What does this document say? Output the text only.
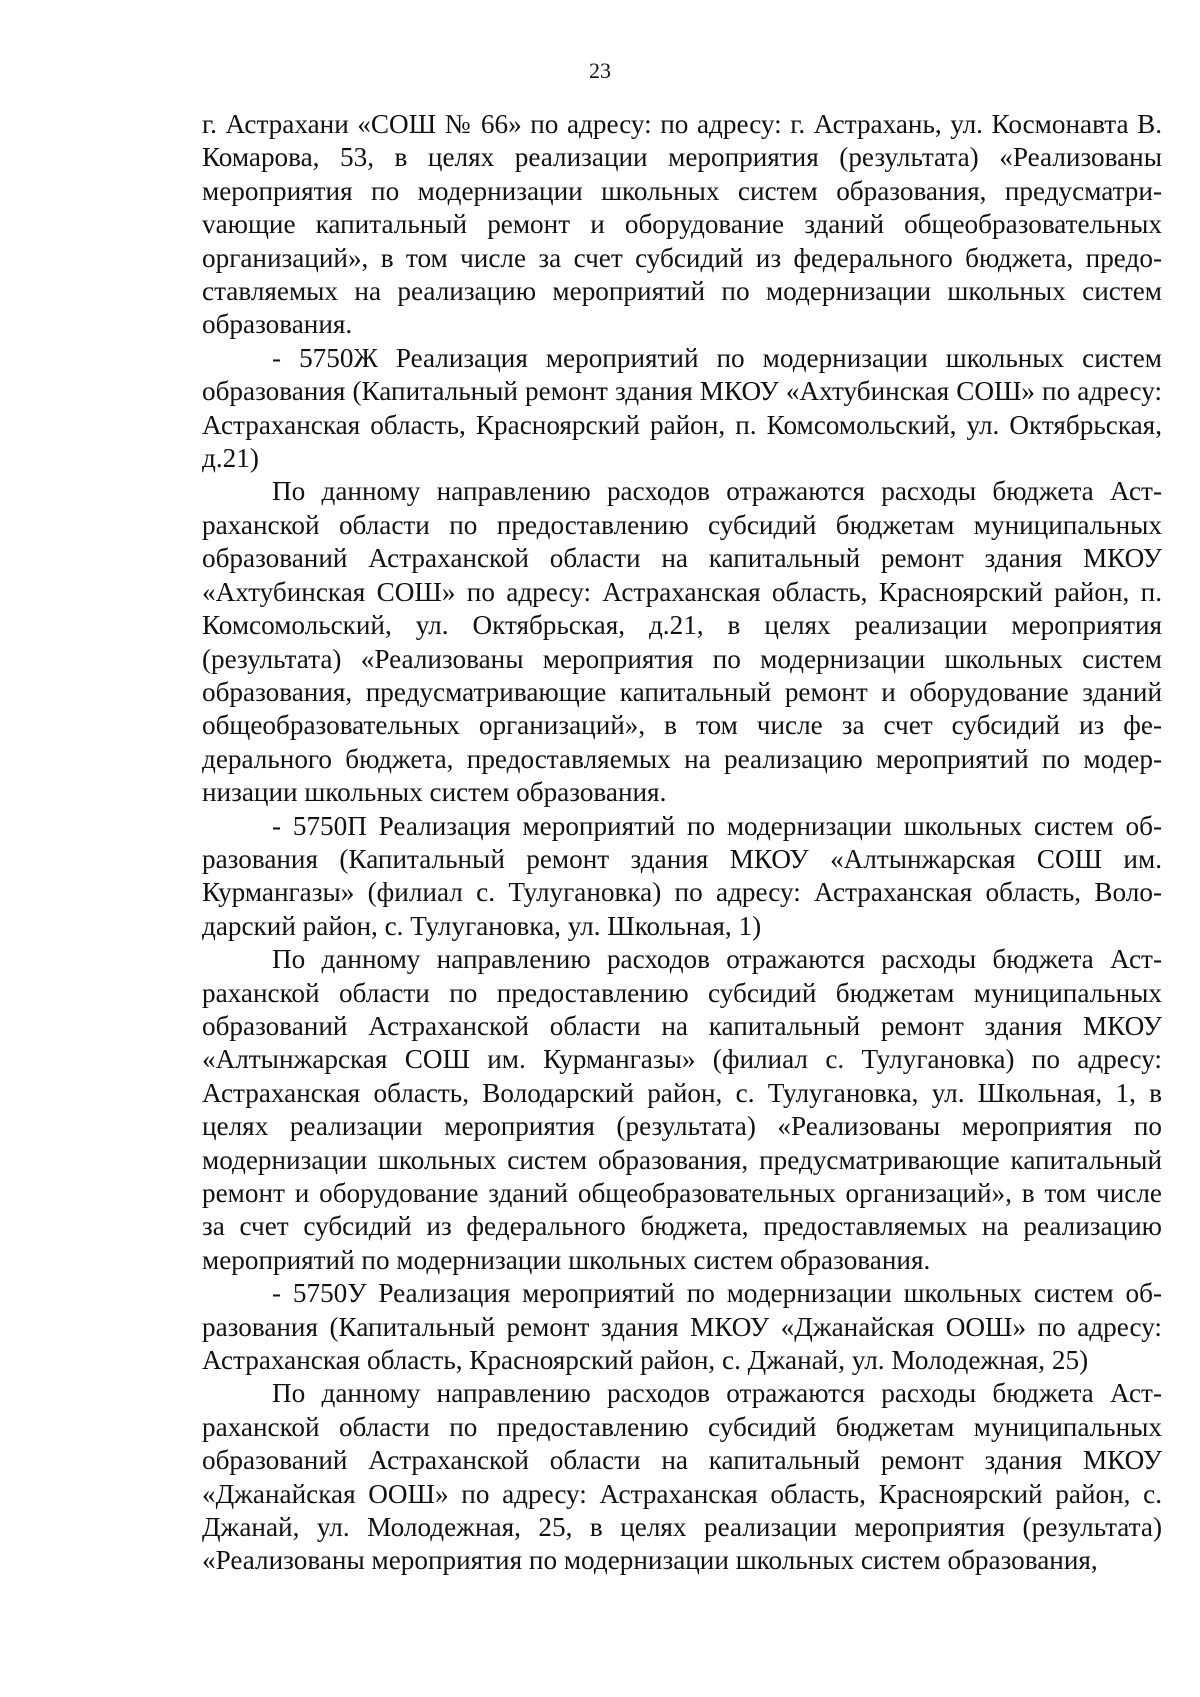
23

г. Астрахани «СОШ № 66» по адресу: по адресу: г. Астрахань, ул. Космонавта В. Комарова, 53, в целях реализации мероприятия (результата) «Реализованы мероприятия по модернизации школьных систем образования, предусматриvающие капитальный ремонт и оборудование зданий общеобразовательных организаций», в том числе за счет субсидий из федерального бюджета, предоставляемых на реализацию мероприятий по модернизации школьных систем образования.

- 5750Ж Реализация мероприятий по модернизации школьных систем образования (Капитальный ремонт здания МКОУ «Ахтубинская СОШ» по адресу: Астраханская область, Красноярский район, п. Комсомольский, ул. Октябрьская, д.21)

По данному направлению расходов отражаются расходы бюджета Астраханской области по предоставлению субсидий бюджетам муниципальных образований Астраханской области на капитальный ремонт здания МКОУ «Ахтубинская СОШ» по адресу: Астраханская область, Красноярский район, п. Комсомольский, ул. Октябрьская, д.21, в целях реализации мероприятия (результата) «Реализованы мероприятия по модернизации школьных систем образования, предусматривающие капитальный ремонт и оборудование зданий общеобразовательных организаций», в том числе за счет субсидий из федерального бюджета, предоставляемых на реализацию мероприятий по модернизации школьных систем образования.

- 5750П Реализация мероприятий по модернизации школьных систем образования (Капитальный ремонт здания МКОУ «Алтынжарская СОШ им. Курмангазы» (филиал с. Тулугановка) по адресу: Астраханская область, Володарский район, с. Тулугановка, ул. Школьная, 1)

По данному направлению расходов отражаются расходы бюджета Астраханской области по предоставлению субсидий бюджетам муниципальных образований Астраханской области на капитальный ремонт здания МКОУ «Алтынжарская СОШ им. Курмангазы» (филиал с. Тулугановка) по адресу: Астраханская область, Володарский район, с. Тулугановка, ул. Школьная, 1, в целях реализации мероприятия (результата) «Реализованы мероприятия по модернизации школьных систем образования, предусматривающие капитальный ремонт и оборудование зданий общеобразовательных организаций», в том числе за счет субсидий из федерального бюджета, предоставляемых на реализацию мероприятий по модернизации школьных систем образования.

- 5750У Реализация мероприятий по модернизации школьных систем образования (Капитальный ремонт здания МКОУ «Джанайская ООШ» по адресу: Астраханская область, Красноярский район, с. Джанай, ул. Молодежная, 25)

По данному направлению расходов отражаются расходы бюджета Астраханской области по предоставлению субсидий бюджетам муниципальных образований Астраханской области на капитальный ремонт здания МКОУ «Джанайская ООШ» по адресу: Астраханская область, Красноярский район, с. Джанай, ул. Молодежная, 25, в целях реализации мероприятия (результата) «Реализованы мероприятия по модернизации школьных систем образования,
